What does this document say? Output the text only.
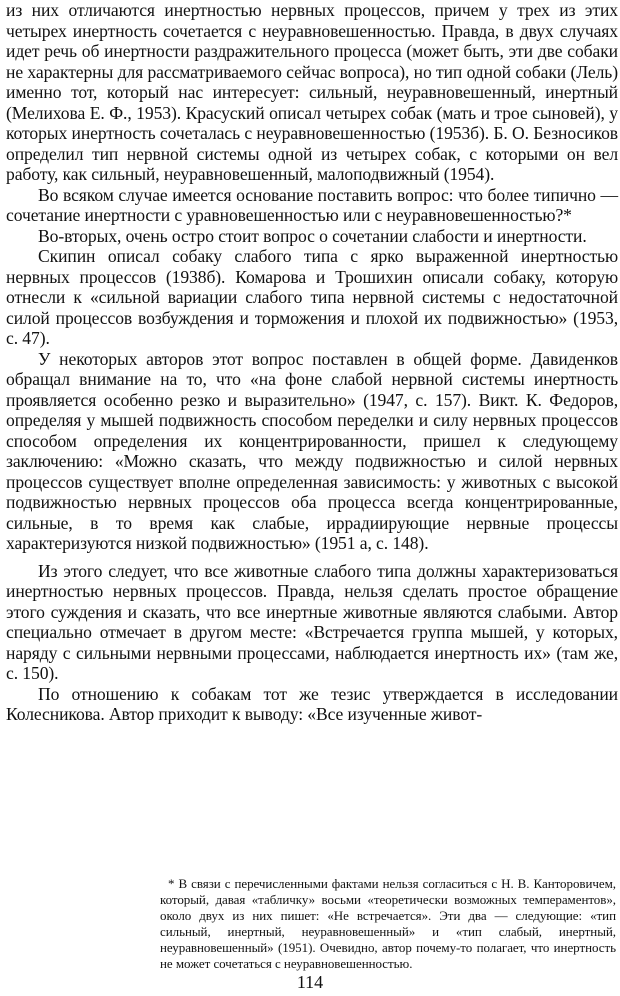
из них отличаются инертностью нервных процессов, причем у трех из этих четырех инертность сочетается с неуравновешенностью. Правда, в двух случаях идет речь об инертности раздражительного процесса (может быть, эти две собаки не характерны для рассматриваемого сейчас вопроса), но тип одной собаки (Лель) именно тот, который нас интересует: сильный, неуравновешенный, инертный (Мелихова Е. Ф., 1953). Красуский описал четырех собак (мать и трое сыновей), у которых инертность сочеталась с неуравновешенностью (1953б). Б. О. Безносиков определил тип нервной системы одной из четырех собак, с которыми он вел работу, как сильный, неуравновешенный, малоподвижный (1954).

Во всяком случае имеется основание поставить вопрос: что более типично — сочетание инертности с уравновешенностью или с неуравновешенностью?*

Во-вторых, очень остро стоит вопрос о сочетании слабости и инертности.

Скипин описал собаку слабого типа с ярко выраженной инертностью нервных процессов (1938б). Комарова и Трошихин описали собаку, которую отнесли к «сильной вариации слабого типа нервной системы с недостаточной силой процессов возбуждения и торможения и плохой их подвижностью» (1953, с. 47).

У некоторых авторов этот вопрос поставлен в общей форме. Давиденков обращал внимание на то, что «на фоне слабой нервной системы инертность проявляется особенно резко и выразительно» (1947, с. 157). Викт. К. Федоров, определяя у мышей подвижность способом переделки и силу нервных процессов способом определения их концентрированности, пришел к следующему заключению: «Можно сказать, что между подвижностью и силой нервных процессов существует вполне определенная зависимость: у животных с высокой подвижностью нервных процессов оба процесса всегда концентрированные, сильные, в то время как слабые, иррадиирующие нервные процессы характеризуются низкой подвижностью» (1951 а, с. 148).

Из этого следует, что все животные слабого типа должны характеризоваться инертностью нервных процессов. Правда, нельзя сделать простое обращение этого суждения и сказать, что все инертные животные являются слабыми. Автор специально отмечает в другом месте: «Встречается группа мышей, у которых, наряду с сильными нервными процессами, наблюдается инертность их» (там же, с. 150).

По отношению к собакам тот же тезис утверждается в исследовании Колесникова. Автор приходит к выводу: «Все изученные живот-

* В связи с перечисленными фактами нельзя согласиться с Н. В. Канторовичем, который, давая «табличку» восьми «теоретически возможных темпераментов», около двух из них пишет: «Не встречается». Эти два — следующие: «тип сильный, инертный, неуравновешенный» и «тип слабый, инертный, неуравновешенный» (1951). Очевидно, автор почему-то полагает, что инертность не может сочетаться с неуравновешенностью.

114
